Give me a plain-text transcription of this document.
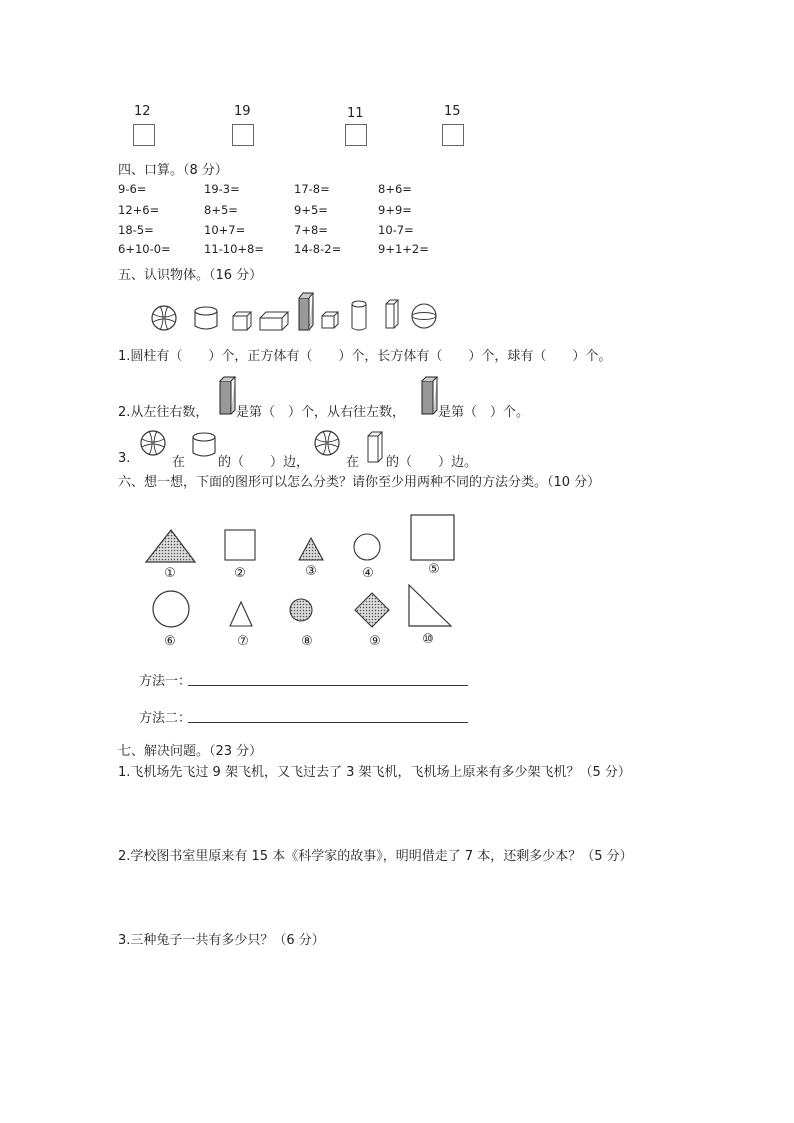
12	19	11	15
四、口算。（8 分）
9-6=	19-3=	17-8=	8+6=
12+6=	8+5=	9+5=	9+9=
18-5=	10+7=	7+8=	10-7=
6+10-0=	11-10+8=	14-8-2=	9+1+2=
五、认识物体。（16 分）
1.圆柱有（　　）个，正方体有（　　）个，长方体有（　　）个，球有（　　）个。
2.从左往右数， 是第（　）个，从右往左数，	是第（　）个。
3.	在	的（　　）边，	在 的（　　）边。
六、想一想，下面的图形可以怎么分类？请你至少用两种不同的方法分类。（10 分）
①	②	③	④	⑤
⑥	⑦	⑧	⑨	⑩
方法一：
方法二：
七、解决问题。（23 分）
1.飞机场先飞过 9 架飞机，又飞过去了 3 架飞机，飞机场上原来有多少架飞机？（5 分）
2.学校图书室里原来有 15 本《科学家的故事》，明明借走了 7 本，还剩多少本？（5 分）
3.三种兔子一共有多少只？（6 分）
